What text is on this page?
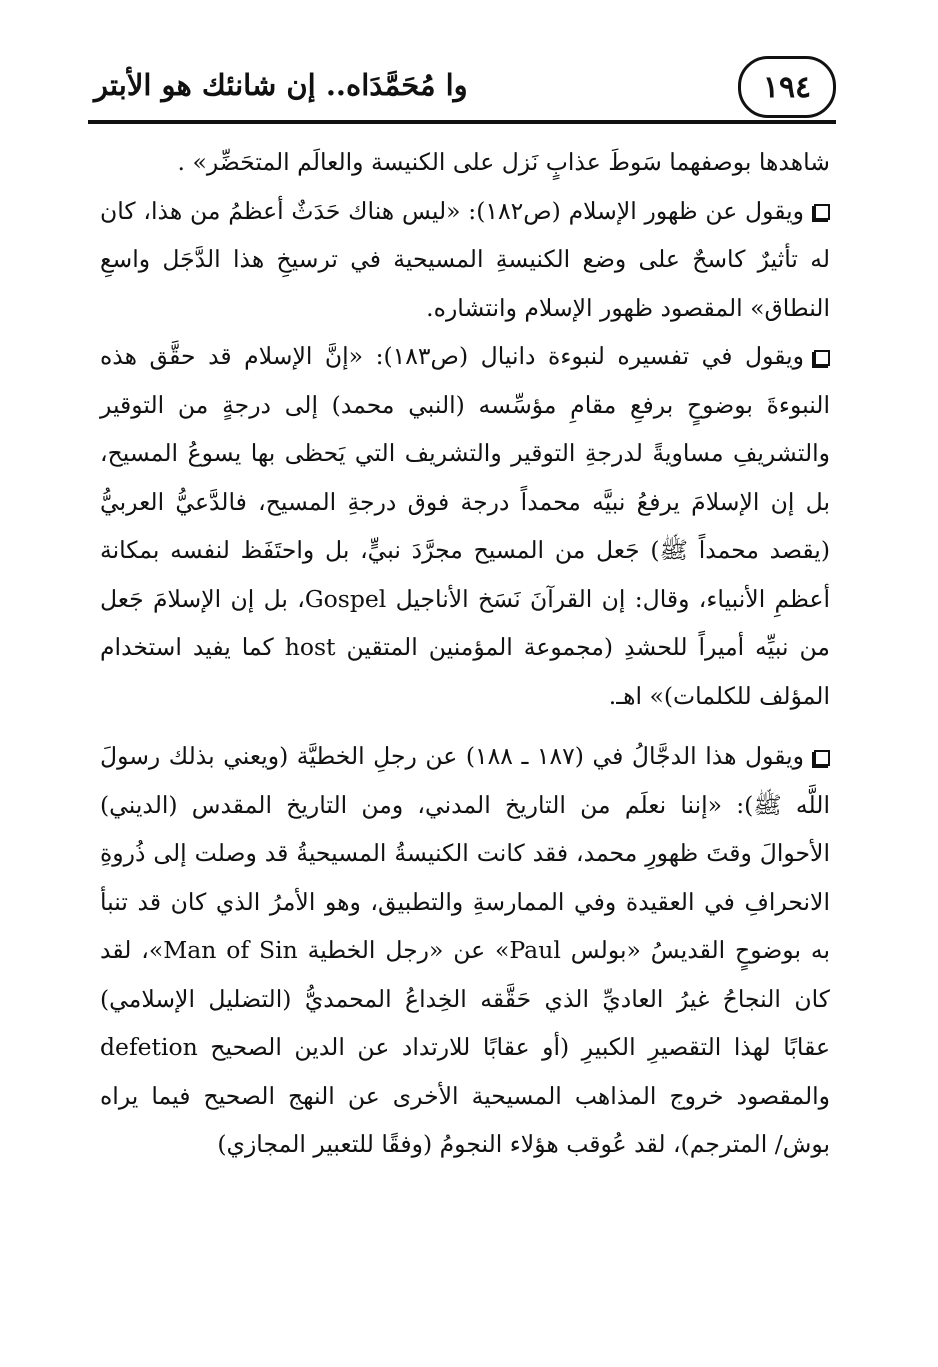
١٩٤
وا مُحَمَّدَاه.. إن شانئك هو الأبتر

شاهدها بوصفهما سَوطَ عذابٍ نَزل على الكنيسة والعالَم المتحَضِّر» .

ويقول عن ظهور الإسلام (ص١٨٢): «ليس هناك حَدَثٌ أعظمُ من هذا، كان له تأثيرٌ كاسحٌ على وضع الكنيسةِ المسيحية في ترسيخِ هذا الدَّجَل واسعِ النطاق» المقصود ظهور الإسلام وانتشاره.

ويقول في تفسيره لنبوءة دانيال (ص١٨٣): «إنَّ الإسلام قد حقَّق هذه النبوءةَ بوضوحٍ برفعِ مقامِ مؤسِّسه (النبي محمد) إلى درجةٍ من التوقير والتشريفِ مساويةً لدرجةِ التوقير والتشريف التي يَحظى بها يسوعُ المسيح، بل إن الإسلامَ يرفعُ نبيَّه محمداً درجة فوق درجةِ المسيح، فالدَّعيُّ العربيُّ (يقصد محمداً ﷺ) جَعل من المسيح مجرَّدَ نبيٍّ، بل واحتَفَظ لنفسه بمكانة أعظمِ الأنبياء، وقال: إن القرآنَ نَسَخ الأناجيل Gospel، بل إن الإسلامَ جَعل من نبيِّه أميراً للحشدِ (مجموعة المؤمنين المتقين host كما يفيد استخدام المؤلف للكلمات)» اهـ.

ويقول هذا الدجَّالُ في (١٨٧ ـ ١٨٨) عن رجلِ الخطيَّة (ويعني بذلك رسولَ اللَّه ﷺ): «إننا نعلَم من التاريخ المدني، ومن التاريخ المقدس (الديني) الأحوالَ وقتَ ظهورِ محمد، فقد كانت الكنيسةُ المسيحيةُ قد وصلت إلى ذُروةِ الانحرافِ في العقيدة وفي الممارسةِ والتطبيق، وهو الأمرُ الذي كان قد تنبأ به بوضوحٍ القديسُ «بولس Paul» عن «رجل الخطية Man of Sin»، لقد كان النجاحُ غيرُ العاديِّ الذي حَقَّقه الخِداعُ المحمديُّ (التضليل الإسلامي) عقابًا لهذا التقصيرِ الكبيرِ (أو عقابًا للارتداد عن الدين الصحيح defetion والمقصود خروج المذاهب المسيحية الأخرى عن النهج الصحيح فيما يراه بوش/ المترجم)، لقد عُوقب هؤلاء النجومُ (وفقًا للتعبير المجازي)
